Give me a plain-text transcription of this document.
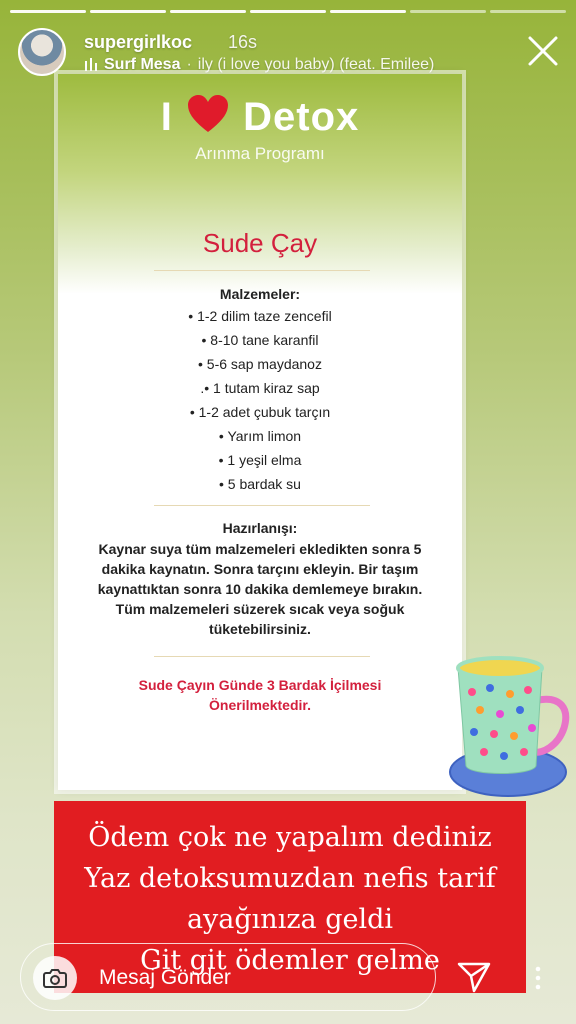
supergirlkoc 16s
Surf Mesa · ily (i love you baby) (feat. Emilee)
I Detox
Arınma Programı
Sude Çay
Malzemeler:
• 1-2 dilim taze zencefil
• 8-10 tane karanfil
• 5-6 sap maydanoz
.• 1 tutam kiraz sap
• 1-2 adet çubuk tarçın
• Yarım limon
• 1 yeşil elma
• 5 bardak su
Hazırlanışı:
Kaynar suya tüm malzemeleri ekledikten sonra 5 dakika kaynatın. Sonra tarçını ekleyin. Bir taşım kaynattıktan sonra 10 dakika demlemeye bırakın. Tüm malzemeleri süzerek sıcak veya soğuk tüketebilirsiniz.
Sude Çayın Günde 3 Bardak İçilmesi Önerilmektedir.
Ödem çok ne yapalım dediniz
Yaz detoksumuzdan nefis tarif
ayağınıza geldi
Git git ödemler gelme
Mesaj Gönder
